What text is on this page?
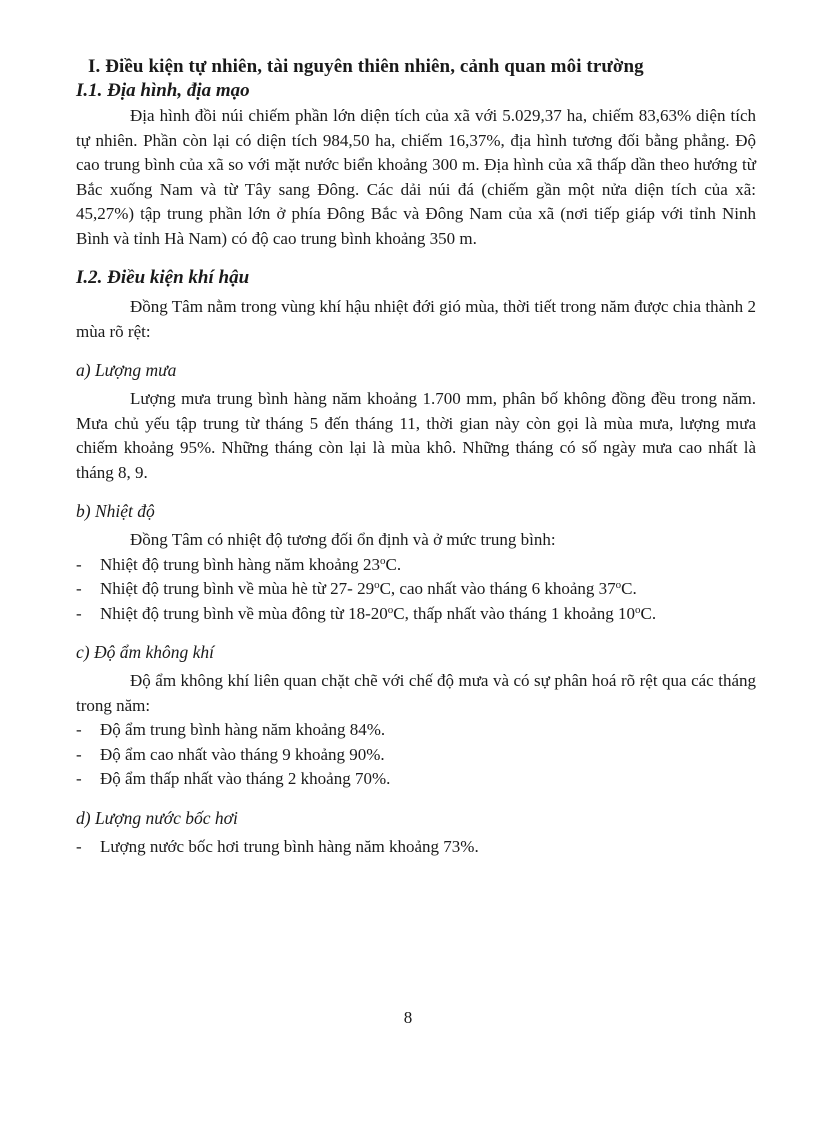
I. Điều kiện tự nhiên, tài nguyên thiên nhiên, cảnh quan môi trường
I.1. Địa hình, địa mạo

Địa hình đồi núi chiếm phần lớn diện tích của xã với 5.029,37 ha, chiếm 83,63% diện tích tự nhiên. Phần còn lại có diện tích 984,50 ha, chiếm 16,37%, địa hình tương đối bằng phẳng. Độ cao trung bình của xã so với mặt nước biển khoảng 300 m. Địa hình của xã thấp dần theo hướng từ Bắc xuống Nam và từ Tây sang Đông. Các dải núi đá (chiếm gần một nửa diện tích của xã: 45,27%) tập trung phần lớn ở phía Đông Bắc và Đông Nam của xã (nơi tiếp giáp với tỉnh Ninh Bình và tỉnh Hà Nam) có độ cao trung bình khoảng 350 m.

I.2. Điều kiện khí hậu

Đồng Tâm nằm trong vùng khí hậu nhiệt đới gió mùa, thời tiết trong năm được chia thành 2 mùa rõ rệt:

a) Lượng mưa

Lượng mưa trung bình hàng năm khoảng 1.700 mm, phân bố không đồng đều trong năm. Mưa chủ yếu tập trung từ tháng 5 đến tháng 11, thời gian này còn gọi là mùa mưa, lượng mưa chiếm khoảng 95%. Những tháng còn lại là mùa khô. Những tháng có số ngày mưa cao nhất là tháng 8, 9.

b) Nhiệt độ

Đồng Tâm có nhiệt độ tương đối ổn định và ở mức trung bình:

- Nhiệt độ trung bình hàng năm khoảng 23$^o$C.
- Nhiệt độ trung bình về mùa hè từ 27- 29$^o$C, cao nhất vào tháng 6 khoảng 37$^o$C.
- Nhiệt độ trung bình về mùa đông từ 18-20$^o$C, thấp nhất vào tháng 1 khoảng 10$^o$C.
c) Độ ẩm không khí

Độ ẩm không khí liên quan chặt chẽ với chế độ mưa và có sự phân hoá rõ rệt qua các tháng trong năm:

- Độ ẩm trung bình hàng năm khoảng 84%.
- Độ ẩm cao nhất vào tháng 9 khoảng 90%.
- Độ ẩm thấp nhất vào tháng 2 khoảng 70%.
d) Lượng nước bốc hơi
- Lượng nước bốc hơi trung bình hàng năm khoảng 73%.
8
